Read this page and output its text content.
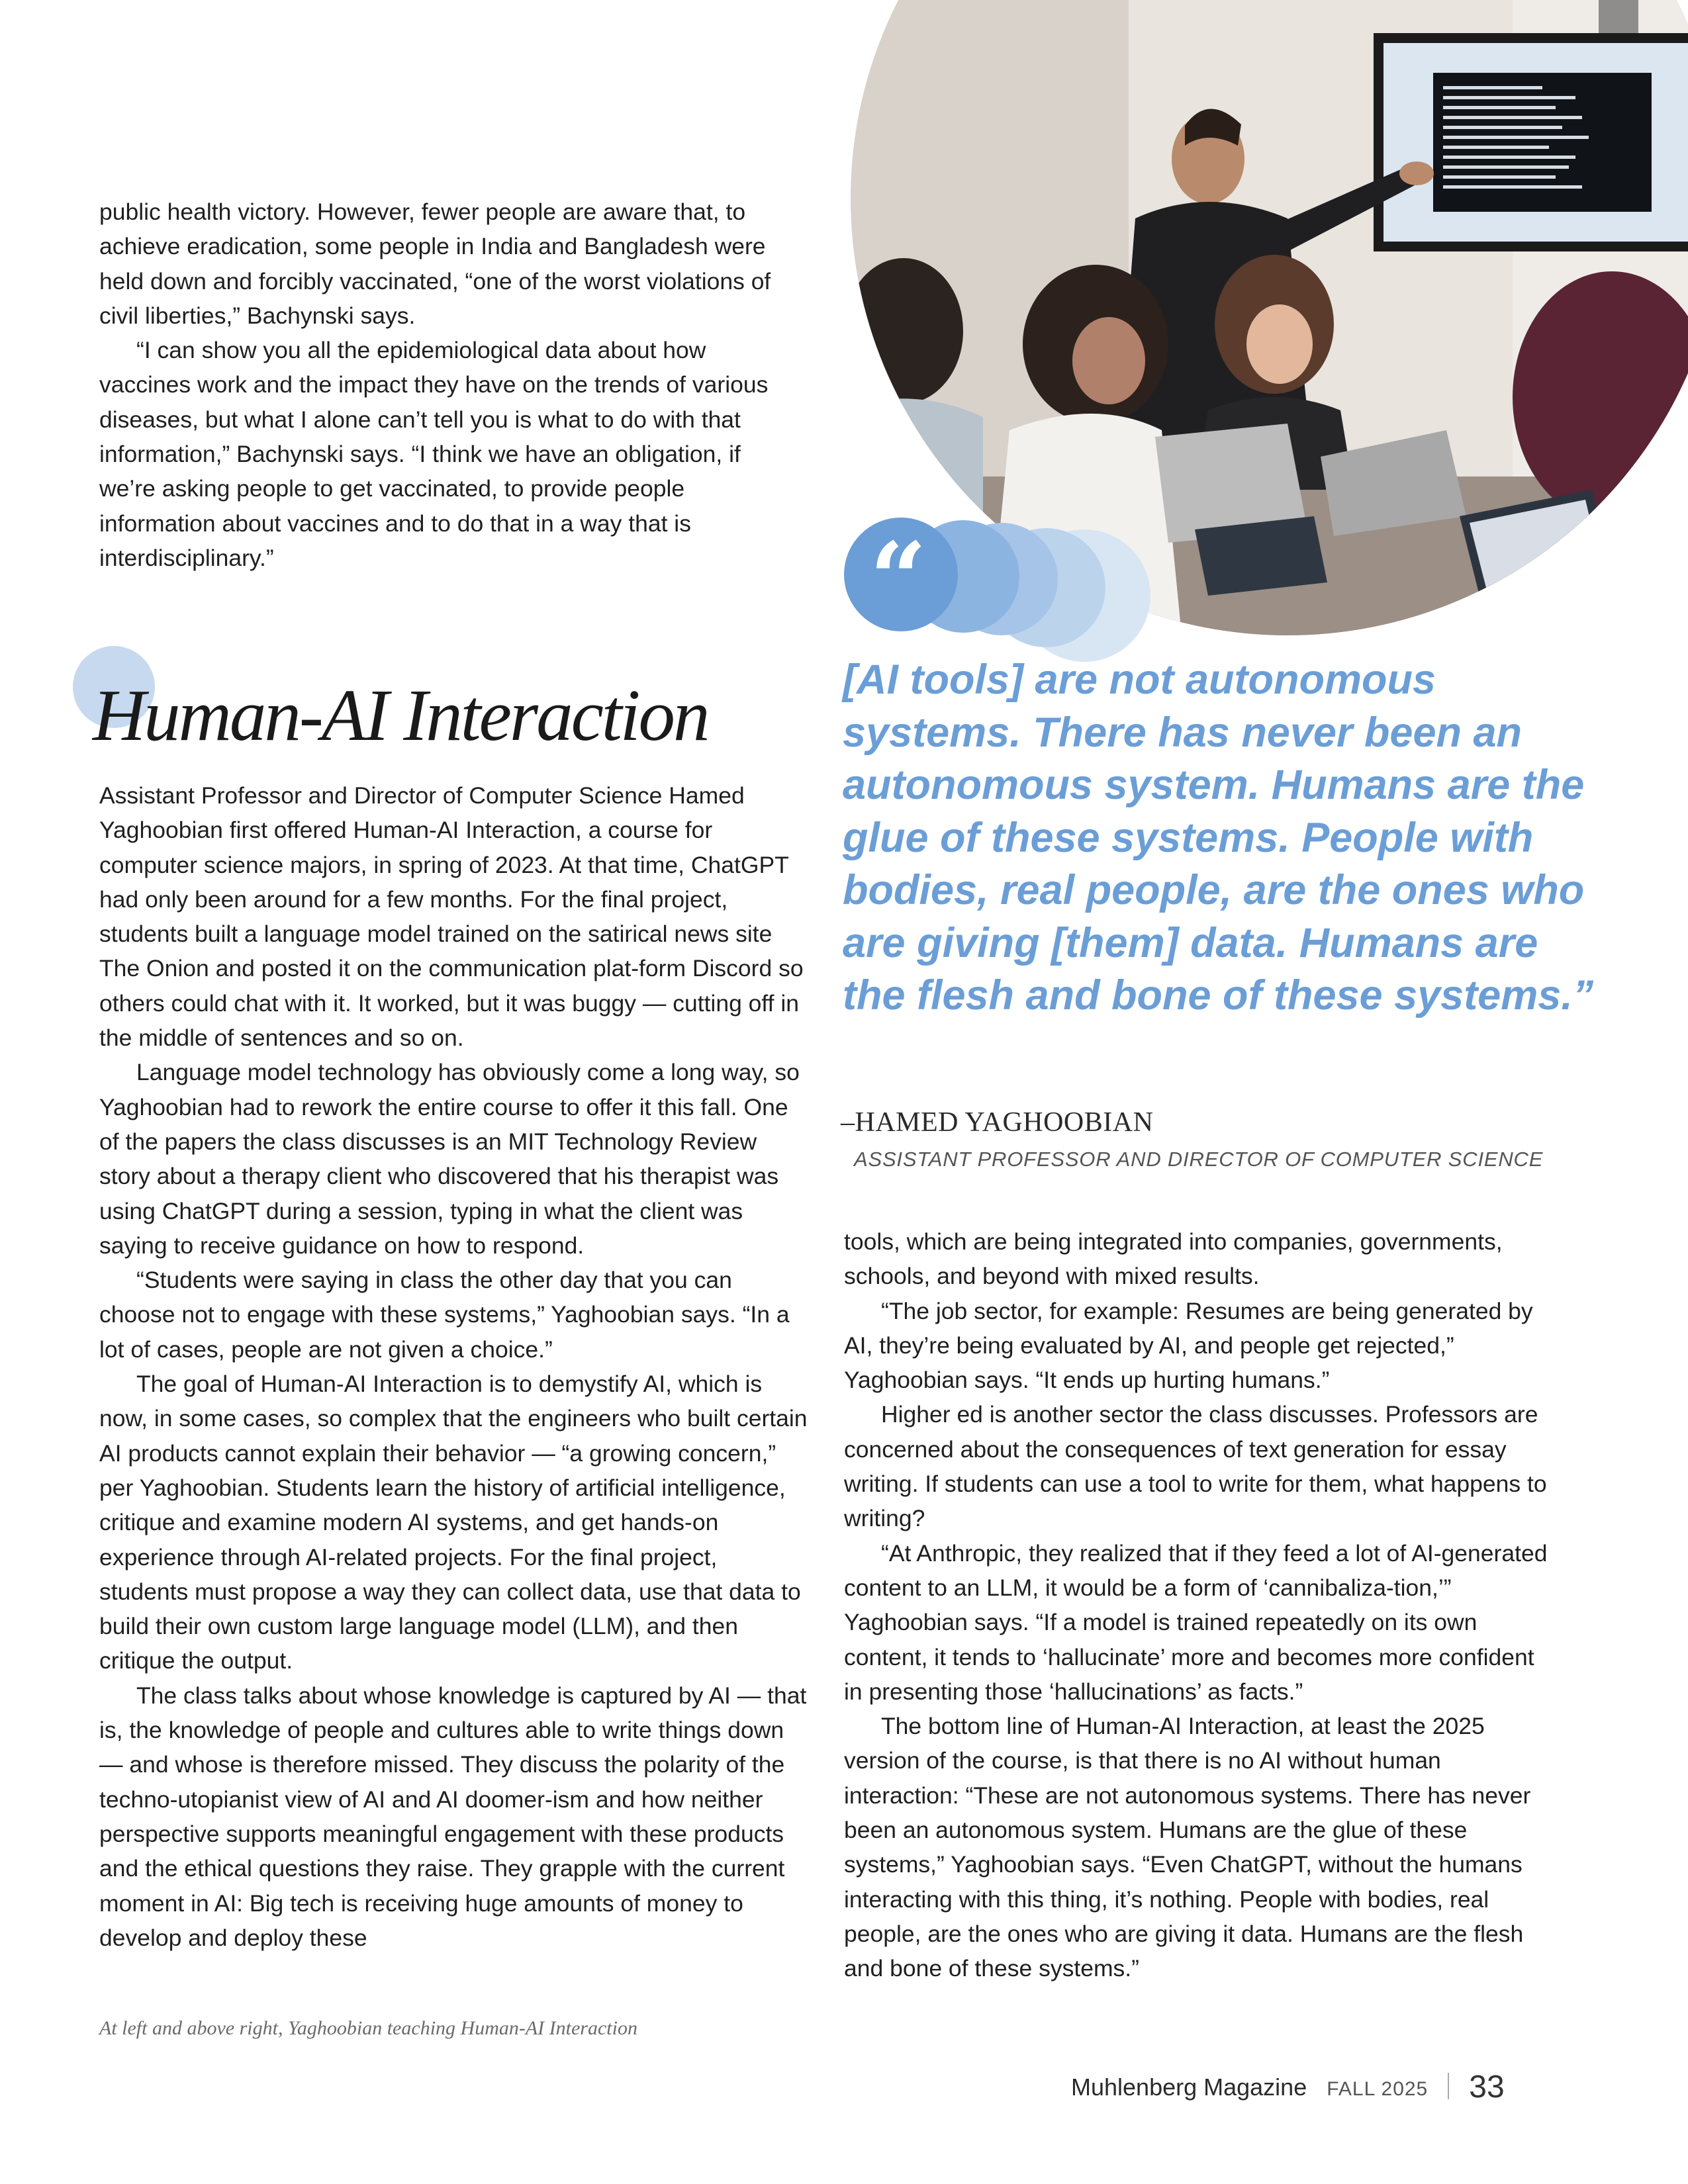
“

public health victory. However, fewer people are aware that, to achieve eradication, some people in India and Bangladesh were held down and forcibly vaccinated, “one of the worst violations of civil liberties,” Bachynski says.

“I can show you all the epidemiological data about how vaccines work and the impact they have on the trends of various diseases, but what I alone can’t tell you is what to do with that information,” Bachynski says. “I think we have an obligation, if we’re asking people to get vaccinated, to provide people information about vaccines and to do that in a way that is interdisciplinary.”

Human-AI Interaction

Assistant Professor and Director of Computer Science Hamed Yaghoobian first offered Human-AI Interaction, a course for computer science majors, in spring of 2023. At that time, ChatGPT had only been around for a few months. For the final project, students built a language model trained on the satirical news site The Onion and posted it on the communication plat-form Discord so others could chat with it. It worked, but it was buggy — cutting off in the middle of sentences and so on.

Language model technology has obviously come a long way, so Yaghoobian had to rework the entire course to offer it this fall. One of the papers the class discusses is an MIT Technology Review story about a therapy client who discovered that his therapist was using ChatGPT during a session, typing in what the client was saying to receive guidance on how to respond.

“Students were saying in class the other day that you can choose not to engage with these systems,” Yaghoobian says. “In a lot of cases, people are not given a choice.”

The goal of Human-AI Interaction is to demystify AI, which is now, in some cases, so complex that the engineers who built certain AI products cannot explain their behavior — “a growing concern,” per Yaghoobian. Students learn the history of artificial intelligence, critique and examine modern AI systems, and get hands-on experience through AI-related projects. For the final project, students must propose a way they can collect data, use that data to build their own custom large language model (LLM), and then critique the output.

The class talks about whose knowledge is captured by AI — that is, the knowledge of people and cultures able to write things down — and whose is therefore missed. They discuss the polarity of the techno-utopianist view of AI and AI doomer-ism and how neither perspective supports meaningful engagement with these products and the ethical questions they raise. They grapple with the current moment in AI: Big tech is receiving huge amounts of money to develop and deploy these

[AI tools] are not autonomous systems. There has never been an autonomous system. Humans are the glue of these systems. People with bodies, real people, are the ones who are giving [them] data. Humans are the flesh and bone of these systems.”

–HAMED YAGHOOBIAN

ASSISTANT PROFESSOR AND DIRECTOR OF COMPUTER SCIENCE

tools, which are being integrated into companies, governments, schools, and beyond with mixed results.

“The job sector, for example: Resumes are being generated by AI, they’re being evaluated by AI, and people get rejected,” Yaghoobian says. “It ends up hurting humans.”

Higher ed is another sector the class discusses. Professors are concerned about the consequences of text generation for essay writing. If students can use a tool to write for them, what happens to writing?

“At Anthropic, they realized that if they feed a lot of AI-generated content to an LLM, it would be a form of ‘cannibaliza-tion,’” Yaghoobian says. “If a model is trained repeatedly on its own content, it tends to ‘hallucinate’ more and becomes more confident in presenting those ‘hallucinations’ as facts.”

The bottom line of Human-AI Interaction, at least the 2025 version of the course, is that there is no AI without human interaction: “These are not autonomous systems. There has never been an autonomous system. Humans are the glue of these systems,” Yaghoobian says. “Even ChatGPT, without the humans interacting with this thing, it’s nothing. People with bodies, real people, are the ones who are giving it data. Humans are the flesh and bone of these systems.”

At left and above right, Yaghoobian teaching Human-AI Interaction

Muhlenberg Magazine FALL 2025 33
